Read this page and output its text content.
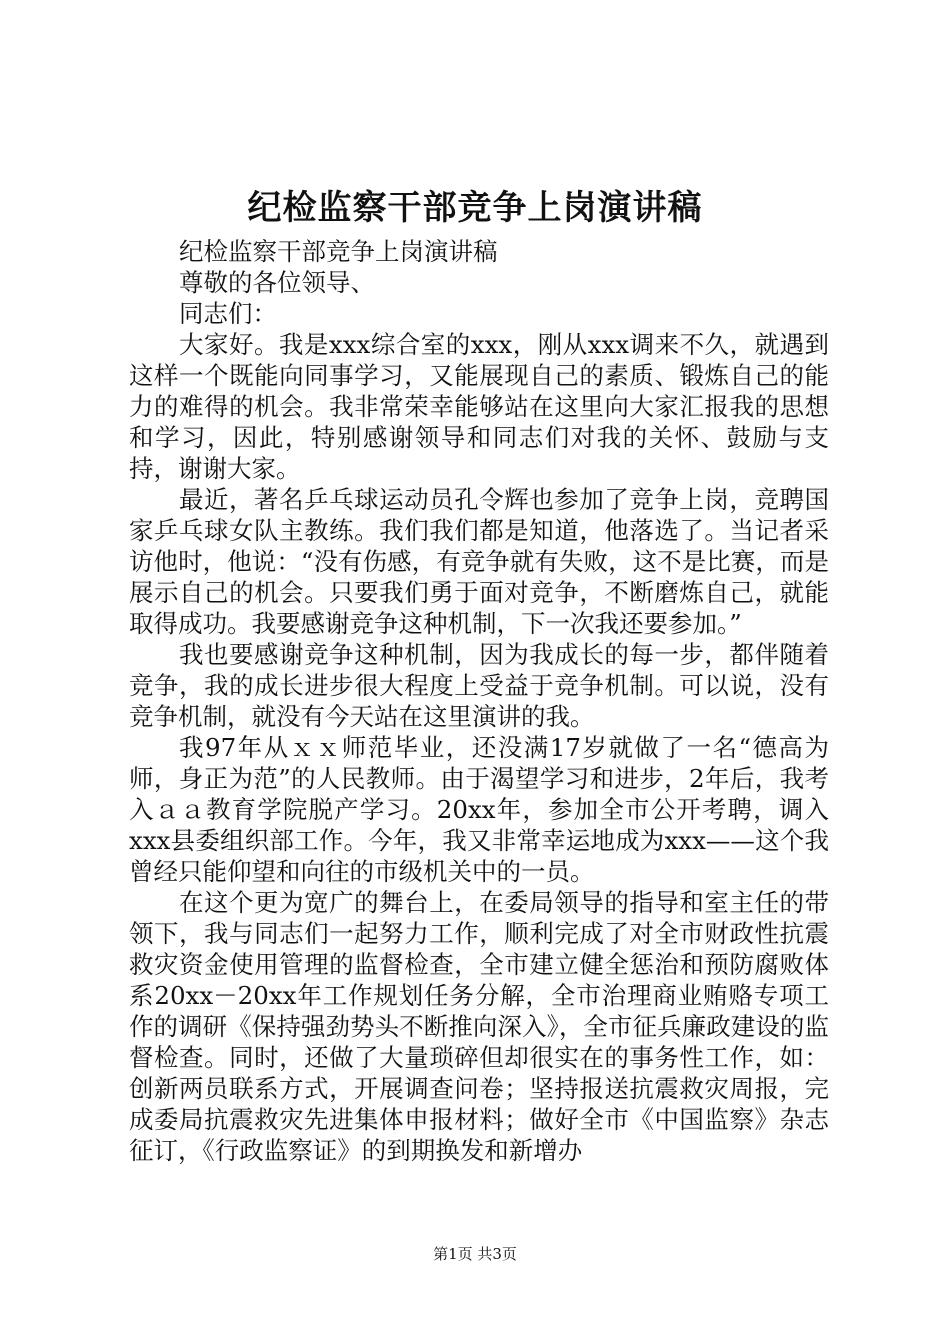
纪检监察干部竞争上岗演讲稿

纪检监察干部竞争上岗演讲稿

尊敬的各位领导、

同志们：

大家好。我是xxx综合室的xxx，刚从xxx调来不久，就遇到这样一个既能向同事学习，又能展现自己的素质、锻炼自己的能力的难得的机会。我非常荣幸能够站在这里向大家汇报我的思想和学习，因此，特别感谢领导和同志们对我的关怀、鼓励与支持，谢谢大家。

最近，著名乒乓球运动员孔令辉也参加了竞争上岗，竞聘国家乒乓球女队主教练。我们我们都是知道，他落选了。当记者采访他时，他说：“没有伤感，有竞争就有失败，这不是比赛，而是展示自己的机会。只要我们勇于面对竞争，不断磨炼自己，就能取得成功。我要感谢竞争这种机制，下一次我还要参加。”

我也要感谢竞争这种机制，因为我成长的每一步，都伴随着竞争，我的成长进步很大程度上受益于竞争机制。可以说，没有竞争机制，就没有今天站在这里演讲的我。

我97年从ｘｘ师范毕业，还没满17岁就做了一名“德高为师，身正为范”的人民教师。由于渴望学习和进步，2年后，我考入ａａ教育学院脱产学习。20xx年，参加全市公开考聘，调入xxx县委组织部工作。今年，我又非常幸运地成为xxx——这个我曾经只能仰望和向往的市级机关中的一员。

在这个更为宽广的舞台上，在委局领导的指导和室主任的带领下，我与同志们一起努力工作，顺利完成了对全市财政性抗震救灾资金使用管理的监督检查，全市建立健全惩治和预防腐败体系20xx－20xx年工作规划任务分解，全市治理商业贿赂专项工作的调研《保持强劲势头不断推向深入》，全市征兵廉政建设的监督检查。同时，还做了大量琐碎但却很实在的事务性工作，如：创新两员联系方式，开展调查问卷；坚持报送抗震救灾周报，完成委局抗震救灾先进集体申报材料；做好全市《中国监察》杂志征订，《行政监察证》的到期换发和新增办

第1页 共3页
